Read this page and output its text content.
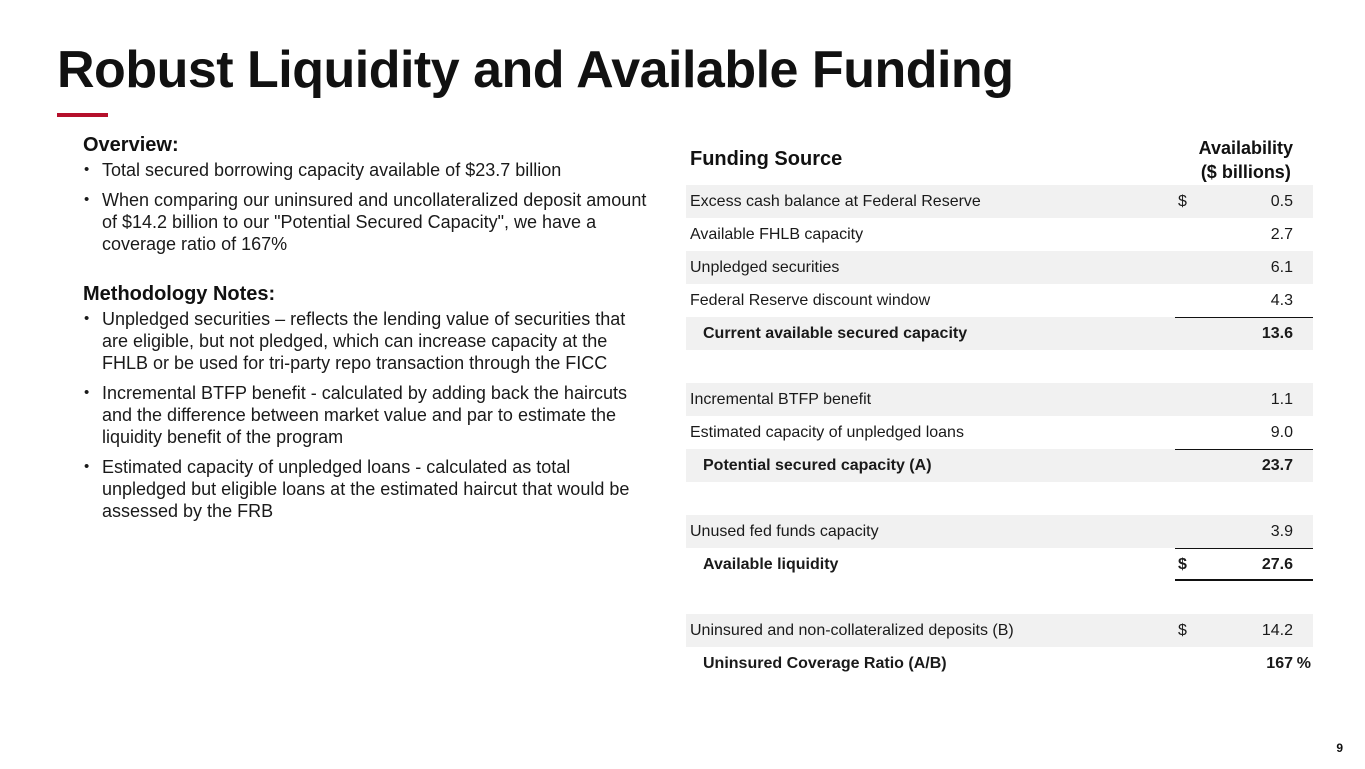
Robust Liquidity and Available Funding

Overview:

• Total secured borrowing capacity available of $23.7 billion
• When comparing our uninsured and uncollateralized deposit amount of $14.2 billion to our "Potential Secured Capacity", we have a coverage ratio of 167%

Methodology Notes:

• Unpledged securities – reflects the lending value of securities that are eligible, but not pledged, which can increase capacity at the FHLB or be used for tri-party repo transaction through the FICC
• Incremental BTFP benefit - calculated by adding back the haircuts and the difference between market value and par to estimate the liquidity benefit of the program
• Estimated capacity of unpledged loans - calculated as total unpledged but eligible loans at the estimated haircut that would be assessed by the FRB
Funding Source	Availability
($ billions)
Excess cash balance at Federal Reserve	$	0.5
Available FHLB capacity	2.7
Unpledged securities	6.1
Federal Reserve discount window	4.3
Current available secured capacity	13.6
Incremental BTFP benefit	1.1
Estimated capacity of unpledged loans	9.0
Potential secured capacity (A)	23.7
Unused fed funds capacity	3.9
Available liquidity	$	27.6
Uninsured and non-collateralized deposits (B)	$	14.2
Uninsured Coverage Ratio (A/B)	167 %
9
